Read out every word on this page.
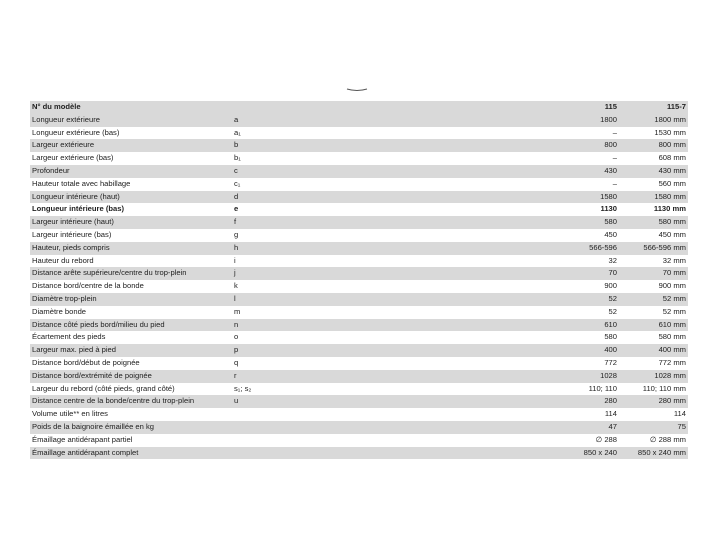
N° du modèle		115	115-7
Longueur extérieure	a	1800	1800 mm
Longueur extérieure (bas)	a₁	–	1530 mm
Largeur extérieure	b	800	800 mm
Largeur extérieure (bas)	b₁	–	608 mm
Profondeur	c	430	430 mm
Hauteur totale avec habillage	c₁	–	560 mm
Longueur intérieure (haut)	d	1580	1580 mm
Longueur intérieure (bas)	e	1130	1130 mm
Largeur intérieure (haut)	f	580	580 mm
Largeur intérieure (bas)	g	450	450 mm
Hauteur, pieds compris	h	566-596	566-596 mm
Hauteur du rebord	i	32	32 mm
Distance arête supérieure/centre du trop-plein	j	70	70 mm
Distance bord/centre de la bonde	k	900	900 mm
Diamètre trop-plein	l	52	52 mm
Diamètre bonde	m	52	52 mm
Distance côté pieds bord/milieu du pied	n	610	610 mm
Écartement des pieds	o	580	580 mm
Largeur max. pied à pied	p	400	400 mm
Distance bord/début de poignée	q	772	772 mm
Distance bord/extrémité de poignée	r	1028	1028 mm
Largeur du rebord (côté pieds, grand côté)	s₁; s₂	110; 110	110; 110 mm
Distance centre de la bonde/centre du trop-plein	u	280	280 mm
Volume utile** en litres		114	114
Poids de la baignoire émaillée en kg		47	75
Émaillage antidérapant partiel		∅ 288	∅ 288 mm
Émaillage antidérapant complet		850 x 240	850 x 240 mm
